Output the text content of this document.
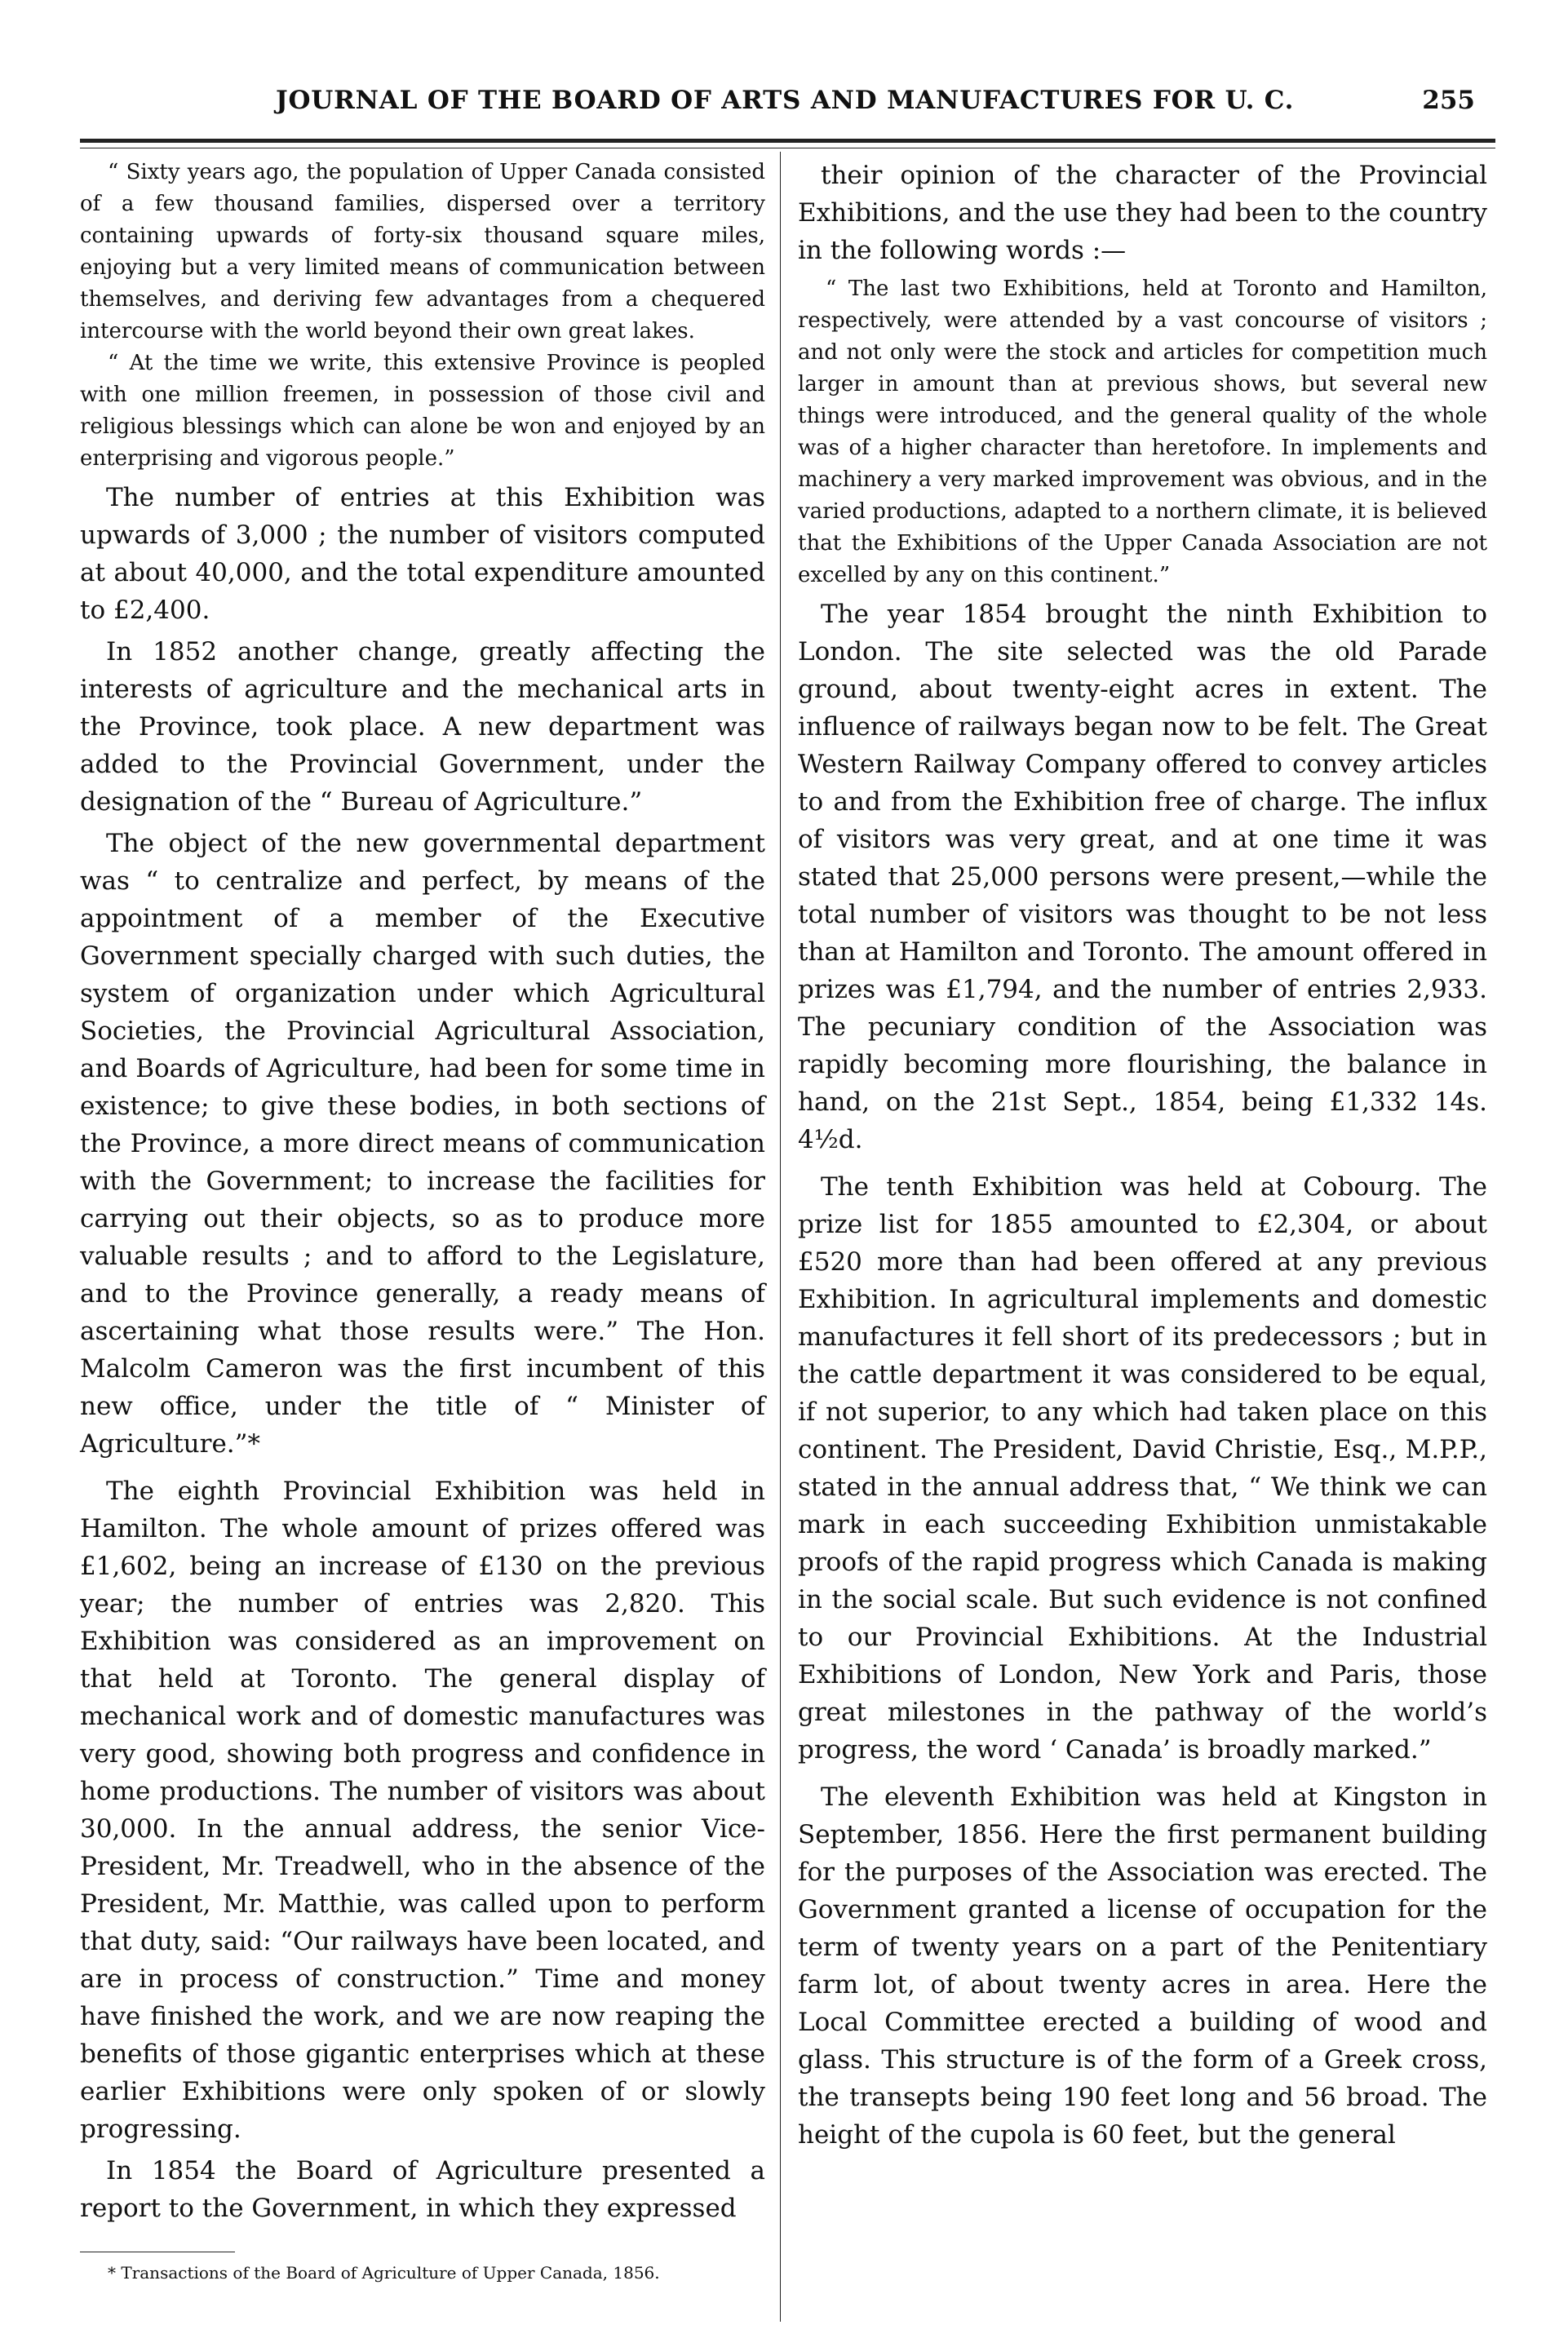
JOURNAL OF THE BOARD OF ARTS AND MANUFACTURES FOR U. C.	255

“ Sixty years ago, the population of Upper Canada consisted of a few thousand families, dispersed over a territory containing upwards of forty-six thousand square miles, enjoying but a very limited means of communication between themselves, and deriving few advantages from a chequered intercourse with the world beyond their own great lakes.

“ At the time we write, this extensive Province is peopled with one million freemen, in possession of those civil and religious blessings which can alone be won and enjoyed by an enterprising and vigorous people.”

The number of entries at this Exhibition was upwards of 3,000 ; the number of visitors computed at about 40,000, and the total expenditure amounted to £2,400.

In 1852 another change, greatly affecting the interests of agriculture and the mechanical arts in the Province, took place. A new department was added to the Provincial Government, under the designation of the “ Bureau of Agriculture.”

The object of the new governmental department was “ to centralize and perfect, by means of the appointment of a member of the Executive Government specially charged with such duties, the system of organization under which Agricultural Societies, the Provincial Agricultural Association, and Boards of Agriculture, had been for some time in existence; to give these bodies, in both sections of the Province, a more direct means of communication with the Government; to increase the facilities for carrying out their objects, so as to produce more valuable results ; and to afford to the Legislature, and to the Province generally, a ready means of ascertaining what those results were.” The Hon. Malcolm Cameron was the first incumbent of this new office, under the title of “ Minister of Agriculture.”*

The eighth Provincial Exhibition was held in Hamilton. The whole amount of prizes offered was £1,602, being an increase of £130 on the previous year; the number of entries was 2,820. This Exhibition was considered as an improvement on that held at Toronto. The general display of mechanical work and of domestic manufactures was very good, showing both progress and confidence in home productions. The number of visitors was about 30,000. In the annual address, the senior Vice-President, Mr. Treadwell, who in the absence of the President, Mr. Matthie, was called upon to perform that duty, said: “Our railways have been located, and are in process of construction.” Time and money have finished the work, and we are now reaping the benefits of those gigantic enterprises which at these earlier Exhibitions were only spoken of or slowly progressing.

In 1854 the Board of Agriculture presented a report to the Government, in which they expressed

* Transactions of the Board of Agriculture of Upper Canada, 1856.

their opinion of the character of the Provincial Exhibitions, and the use they had been to the country in the following words :—

“ The last two Exhibitions, held at Toronto and Hamilton, respectively, were attended by a vast concourse of visitors ; and not only were the stock and articles for competition much larger in amount than at previous shows, but several new things were introduced, and the general quality of the whole was of a higher character than heretofore. In implements and machinery a very marked improvement was obvious, and in the varied productions, adapted to a northern climate, it is believed that the Exhibitions of the Upper Canada Association are not excelled by any on this continent.”

The year 1854 brought the ninth Exhibition to London. The site selected was the old Parade ground, about twenty-eight acres in extent. The influence of railways began now to be felt. The Great Western Railway Company offered to convey articles to and from the Exhibition free of charge. The influx of visitors was very great, and at one time it was stated that 25,000 persons were present,—while the total number of visitors was thought to be not less than at Hamilton and Toronto. The amount offered in prizes was £1,794, and the number of entries 2,933. The pecuniary condition of the Association was rapidly becoming more flourishing, the balance in hand, on the 21st Sept., 1854, being £1,332 14s. 4½d.

The tenth Exhibition was held at Cobourg. The prize list for 1855 amounted to £2,304, or about £520 more than had been offered at any previous Exhibition. In agricultural implements and domestic manufactures it fell short of its predecessors ; but in the cattle department it was considered to be equal, if not superior, to any which had taken place on this continent. The President, David Christie, Esq., M.P.P., stated in the annual address that, “ We think we can mark in each succeeding Exhibition unmistakable proofs of the rapid progress which Canada is making in the social scale. But such evidence is not confined to our Provincial Exhibitions. At the Industrial Exhibitions of London, New York and Paris, those great milestones in the pathway of the world’s progress, the word ‘ Canada’ is broadly marked.”

The eleventh Exhibition was held at Kingston in September, 1856. Here the first permanent building for the purposes of the Association was erected. The Government granted a license of occupation for the term of twenty years on a part of the Penitentiary farm lot, of about twenty acres in area. Here the Local Committee erected a building of wood and glass. This structure is of the form of a Greek cross, the transepts being 190 feet long and 56 broad. The height of the cupola is 60 feet, but the general
